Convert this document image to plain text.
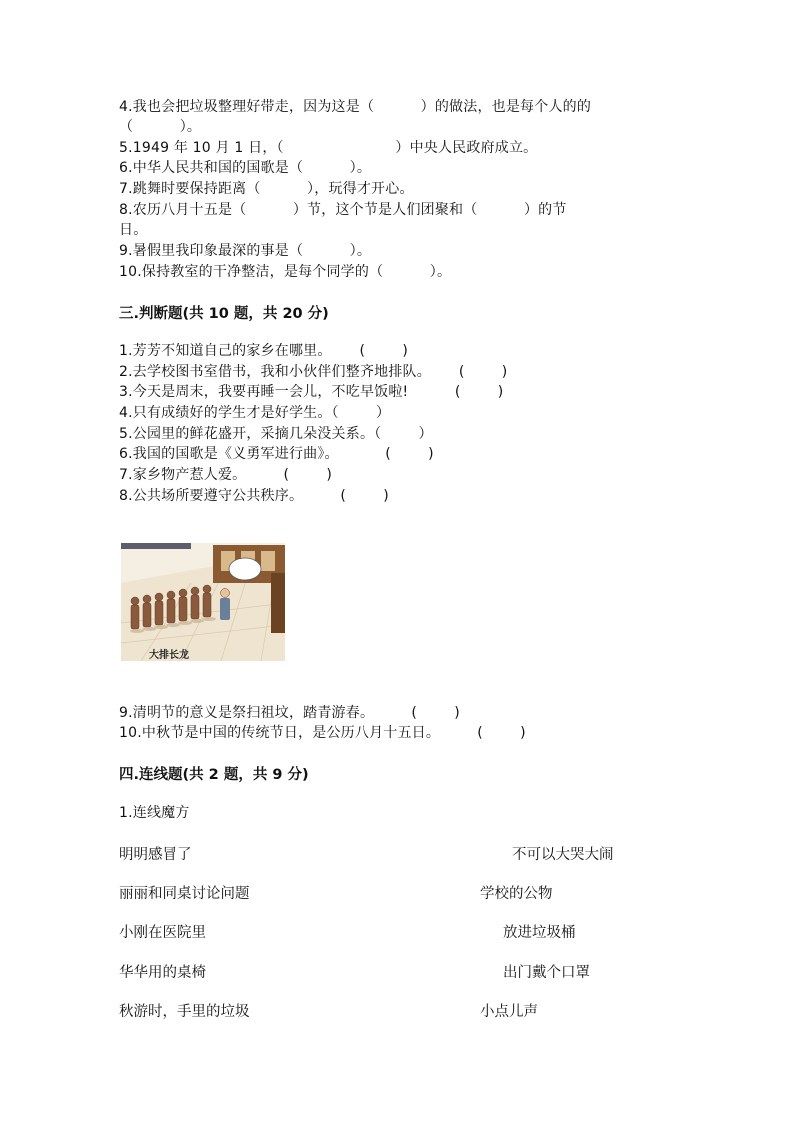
4.我也会把垃圾整理好带走，因为这是（          ）的做法，也是每个人的的
（          ）。
5.1949 年 10 月 1 日，（                        ）中央人民政府成立。
6.中华人民共和国的国歌是（          ）。
7.跳舞时要保持距离（          ），玩得才开心。
8.农历八月十五是（          ）节，这个节是人们团聚和（          ）的节
日。
9.暑假里我印象最深的事是（          ）。
10.保持教室的干净整洁，是每个同学的（          ）。
三.判断题(共 10 题，共 20 分)
1.芳芳不知道自己的家乡在哪里。      (        )
2.去学校图书室借书，我和小伙伴们整齐地排队。      (        )
3.今天是周末，我要再睡一会儿，不吃早饭啦!          (        )
4.只有成绩好的学生才是好学生。（        ）
5.公园里的鲜花盛开，采摘几朵没关系。（        ）
6.我国的国歌是《义勇军进行曲》。          (        )
7.家乡物产惹人爱。        (        )
8.公共场所要遵守公共秩序。        (        )
大排长龙
9.清明节的意义是祭扫祖坟，踏青游春。        (        )
10.中秋节是中国的传统节日，是公历八月十五日。        (        )
四.连线题(共 2 题，共 9 分)
1.连线魔方
明明感冒了
丽丽和同桌讨论问题
小刚在医院里
华华用的桌椅
秋游时，手里的垃圾
不可以大哭大闹
学校的公物
放进垃圾桶
出门戴个口罩
小点儿声
